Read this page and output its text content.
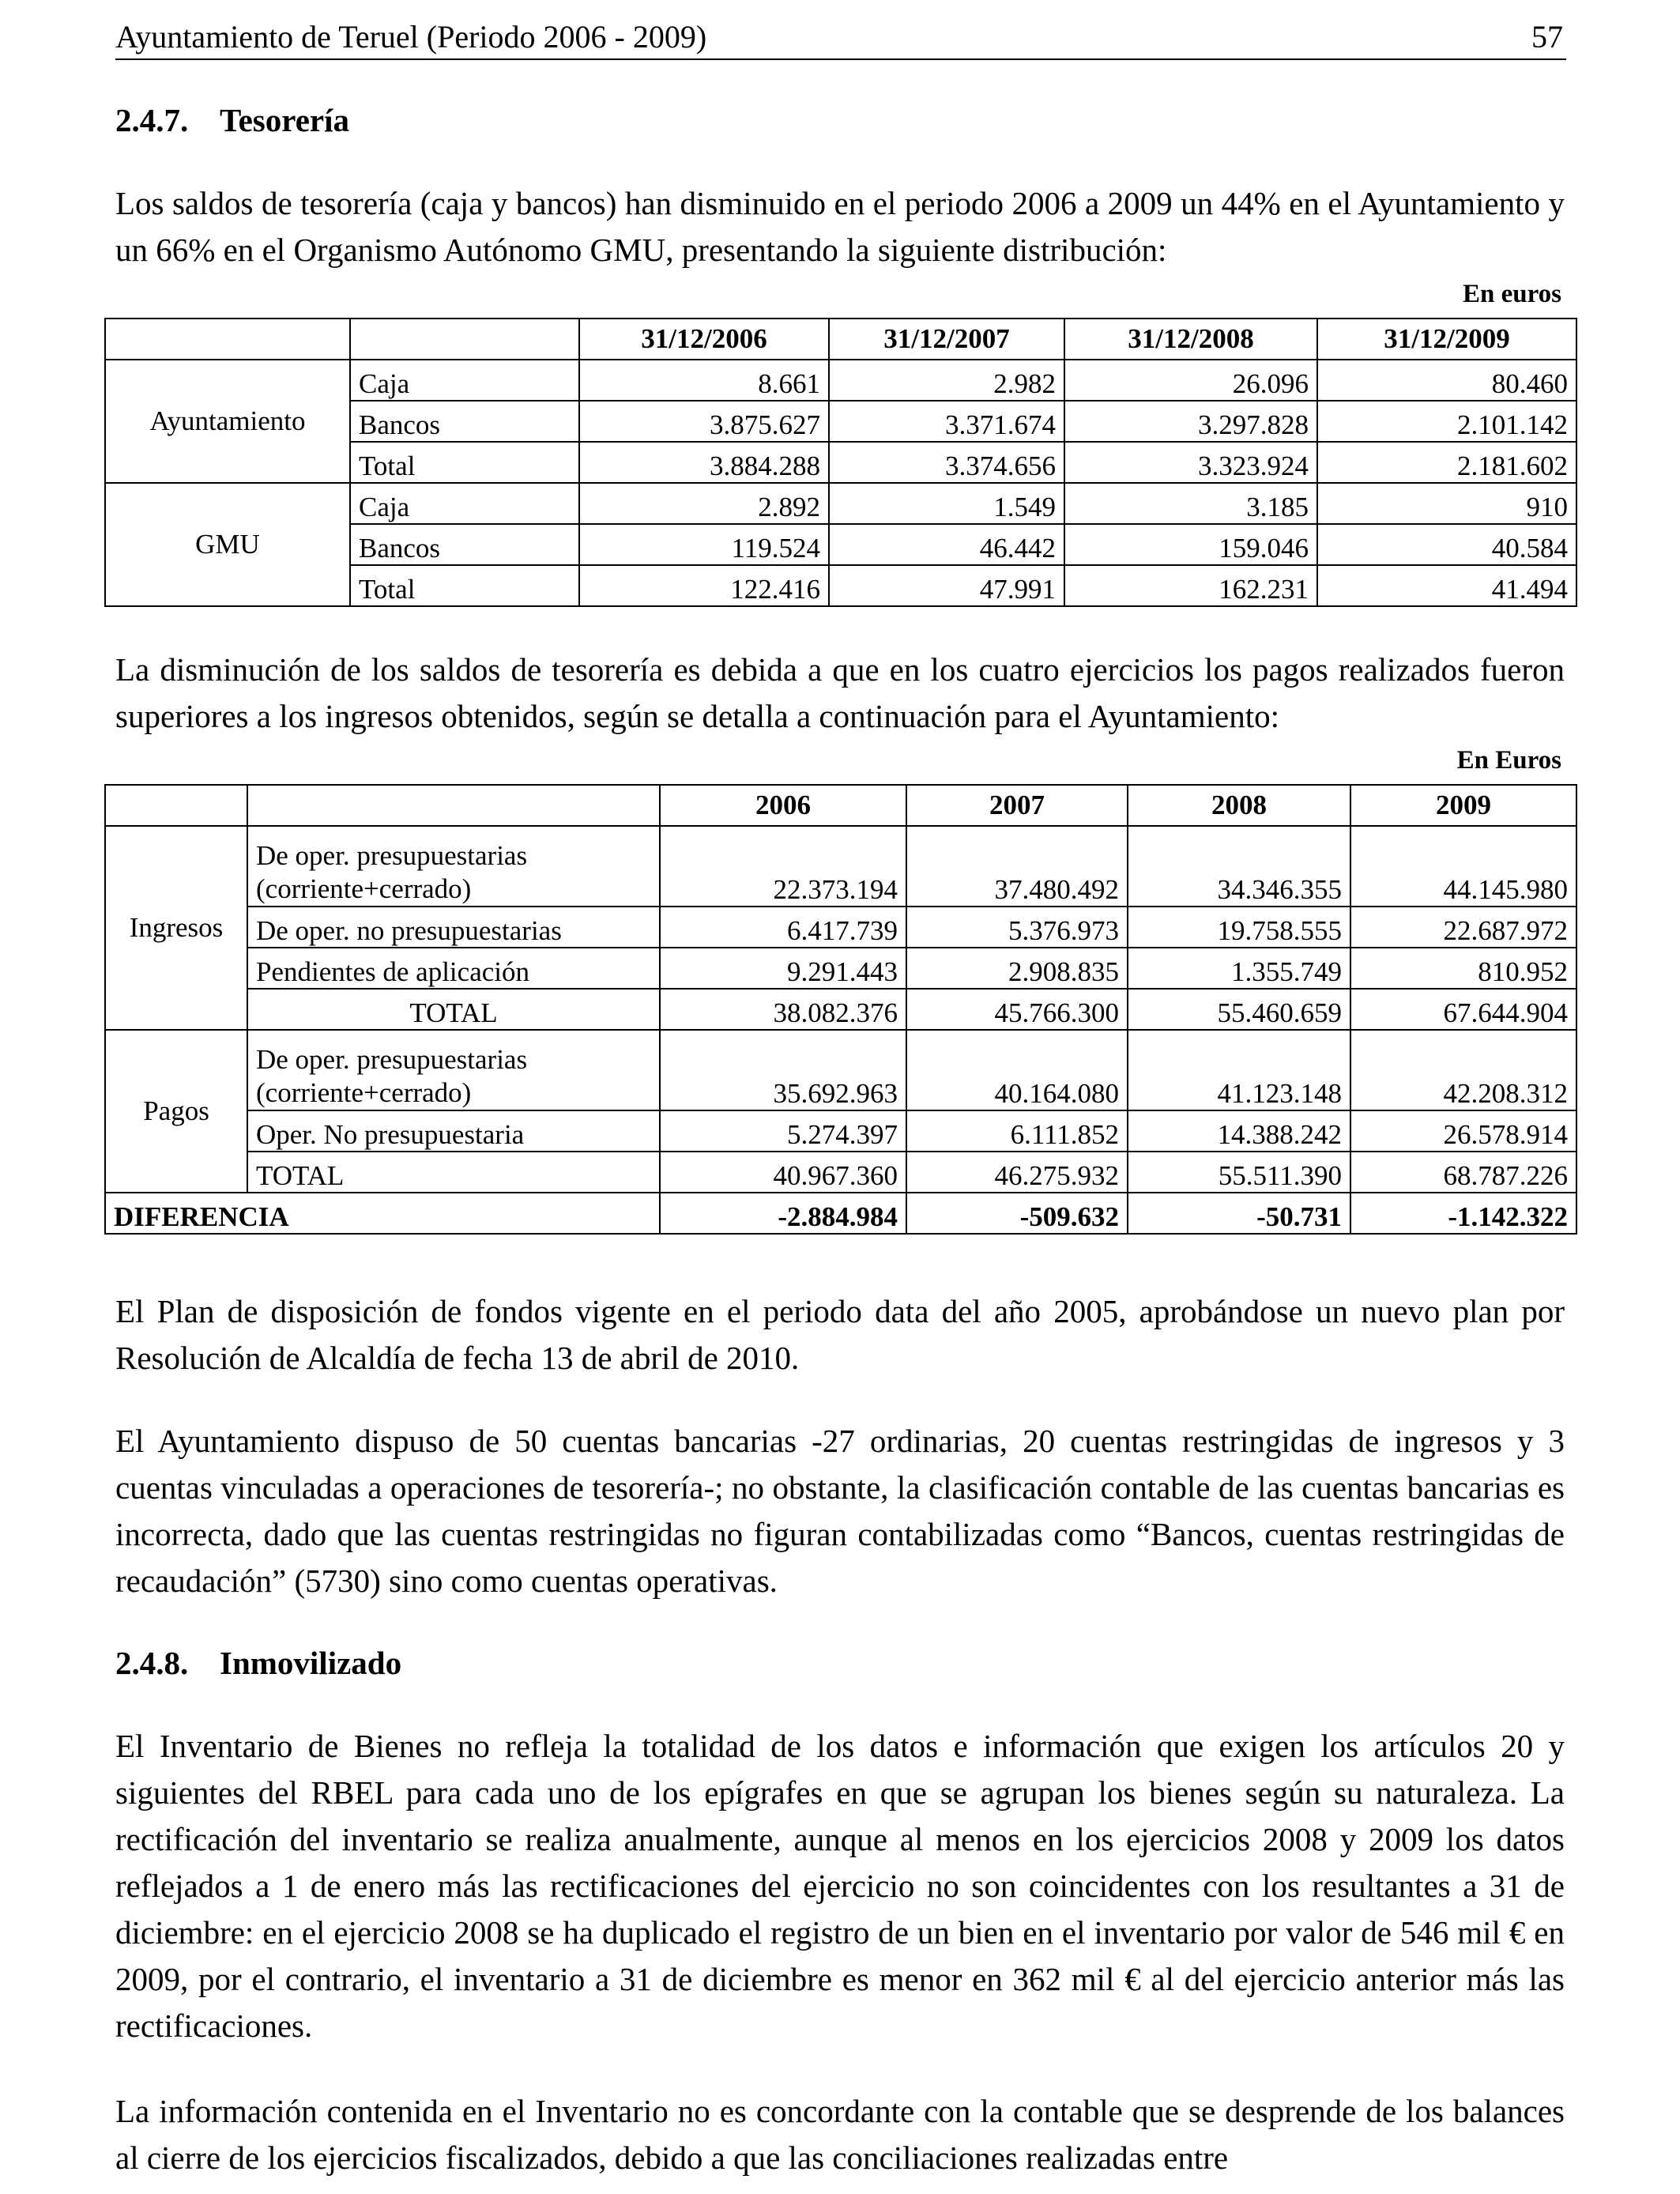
Ayuntamiento de Teruel (Periodo 2006 - 2009)	57
2.4.7. Tesorería

Los saldos de tesorería (caja y bancos) han disminuido en el periodo 2006 a 2009 un 44% en el Ayuntamiento y un 66% en el Organismo Autónomo GMU, presentando la siguiente distribución:

En euros
		31/12/2006	31/12/2007	31/12/2008	31/12/2009
Ayuntamiento	Caja	8.661	2.982	26.096	80.460
	Bancos	3.875.627	3.371.674	3.297.828	2.101.142
	Total	3.884.288	3.374.656	3.323.924	2.181.602
GMU	Caja	2.892	1.549	3.185	910
	Bancos	119.524	46.442	159.046	40.584
	Total	122.416	47.991	162.231	41.494

La disminución de los saldos de tesorería es debida a que en los cuatro ejercicios los pagos realizados fueron superiores a los ingresos obtenidos, según se detalla a continuación para el Ayuntamiento:

En Euros
		2006	2007	2008	2009
Ingresos	De oper. presupuestarias (corriente+cerrado)	22.373.194	37.480.492	34.346.355	44.145.980
	De oper. no presupuestarias	6.417.739	5.376.973	19.758.555	22.687.972
	Pendientes de aplicación	9.291.443	2.908.835	1.355.749	810.952
	TOTAL	38.082.376	45.766.300	55.460.659	67.644.904
Pagos	De oper. presupuestarias (corriente+cerrado)	35.692.963	40.164.080	41.123.148	42.208.312
	Oper. No presupuestaria	5.274.397	6.111.852	14.388.242	26.578.914
	TOTAL	40.967.360	46.275.932	55.511.390	68.787.226
DIFERENCIA		-2.884.984	-509.632	-50.731	-1.142.322

El Plan de disposición de fondos vigente en el periodo data del año 2005, aprobándose un nuevo plan por Resolución de Alcaldía de fecha 13 de abril de 2010.

El Ayuntamiento dispuso de 50 cuentas bancarias -27 ordinarias, 20 cuentas restringidas de ingresos y 3 cuentas vinculadas a operaciones de tesorería-; no obstante, la clasificación contable de las cuentas bancarias es incorrecta, dado que las cuentas restringidas no figuran contabilizadas como “Bancos, cuentas restringidas de recaudación” (5730) sino como cuentas operativas.

2.4.8. Inmovilizado

El Inventario de Bienes no refleja la totalidad de los datos e información que exigen los artículos 20 y siguientes del RBEL para cada uno de los epígrafes en que se agrupan los bienes según su naturaleza. La rectificación del inventario se realiza anualmente, aunque al menos en los ejercicios 2008 y 2009 los datos reflejados a 1 de enero más las rectificaciones del ejercicio no son coincidentes con los resultantes a 31 de diciembre: en el ejercicio 2008 se ha duplicado el registro de un bien en el inventario por valor de 546 mil € en 2009, por el contrario, el inventario a 31 de diciembre es menor en 362 mil € al del ejercicio anterior más las rectificaciones.

La información contenida en el Inventario no es concordante con la contable que se desprende de los balances al cierre de los ejercicios fiscalizados, debido a que las conciliaciones realizadas entre
